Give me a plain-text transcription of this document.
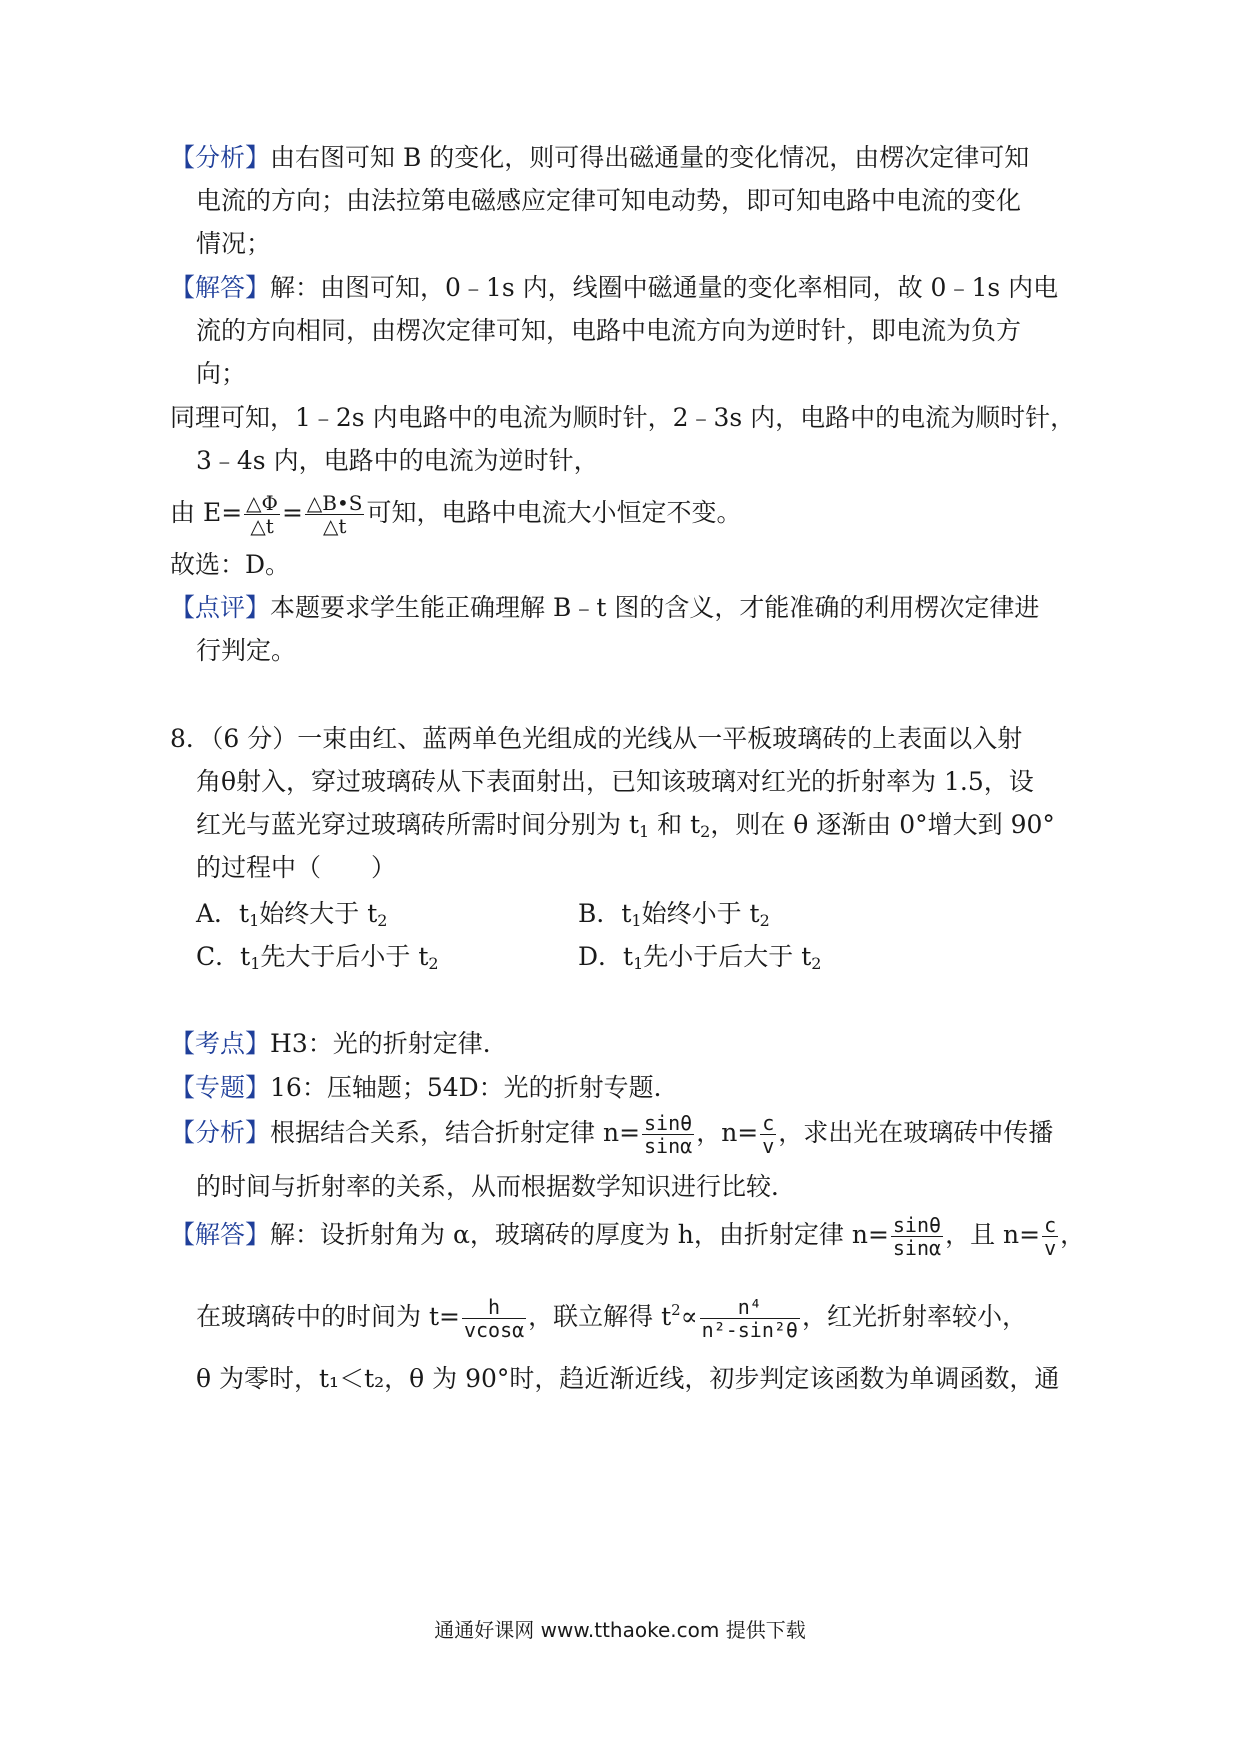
【分析】由右图可知 B 的变化，则可得出磁通量的变化情况，由楞次定律可知
电流的方向；由法拉第电磁感应定律可知电动势，即可知电路中电流的变化
情况；
【解答】解：由图可知，0﹣1s 内，线圈中磁通量的变化率相同，故 0﹣1s 内电
流的方向相同，由楞次定律可知，电路中电流方向为逆时针，即电流为负方
向；
同理可知，1﹣2s 内电路中的电流为顺时针，2﹣3s 内，电路中的电流为顺时针，
3﹣4s 内，电路中的电流为逆时针，
由 $E= \frac{\triangle\Phi}{\triangle t} = \frac{\triangle B•S}{\triangle t}$ 可知，电路中电流大小恒定不变。
故选：D。
【点评】本题要求学生能正确理解 B﹣t 图的含义，才能准确的利用楞次定律进
行判定。
8．（6 分）一束由红、蓝两单色光组成的光线从一平板玻璃砖的上表面以入射
角θ射入，穿过玻璃砖从下表面射出，已知该玻璃对红光的折射率为 1.5，设
红光与蓝光穿过玻璃砖所需时间分别为 $t_1$ 和 $t_2$，则在 θ 逐渐由 0°增大到 90°
的过程中（　　）
A．$t_1$始终大于 $t_2$	B．$t_1$始终小于 $t_2$
C．$t_1$先大于后小于 $t_2$	D．$t_1$先小于后大于 $t_2$
【考点】H3：光的折射定律．
【专题】16：压轴题；54D：光的折射专题．
【分析】根据结合关系，结合折射定律 $n= \frac{\sin\theta}{\sin\alpha}$ ，$n= \frac{c}{v}$ ，求出光在玻璃砖中传播
的时间与折射率的关系，从而根据数学知识进行比较．
【解答】解：设折射角为 α，玻璃砖的厚度为 h，由折射定律 $n= \frac{\sin\theta}{\sin\alpha}$ ，且 $n= \frac{c}{v}$ ，
在玻璃砖中的时间为 $t= \frac{h}{vcos\alpha}$ ，联立解得 $t^2\propto \frac{\text{n⁴}}{\text{n²-sin²θ}}$ ，红光折射率较小，
θ 为零时，t₁＜t₂，θ 为 90°时，趋近渐近线，初步判定该函数为单调函数，通
通通好课网 www.tthaoke.com 提供下载
